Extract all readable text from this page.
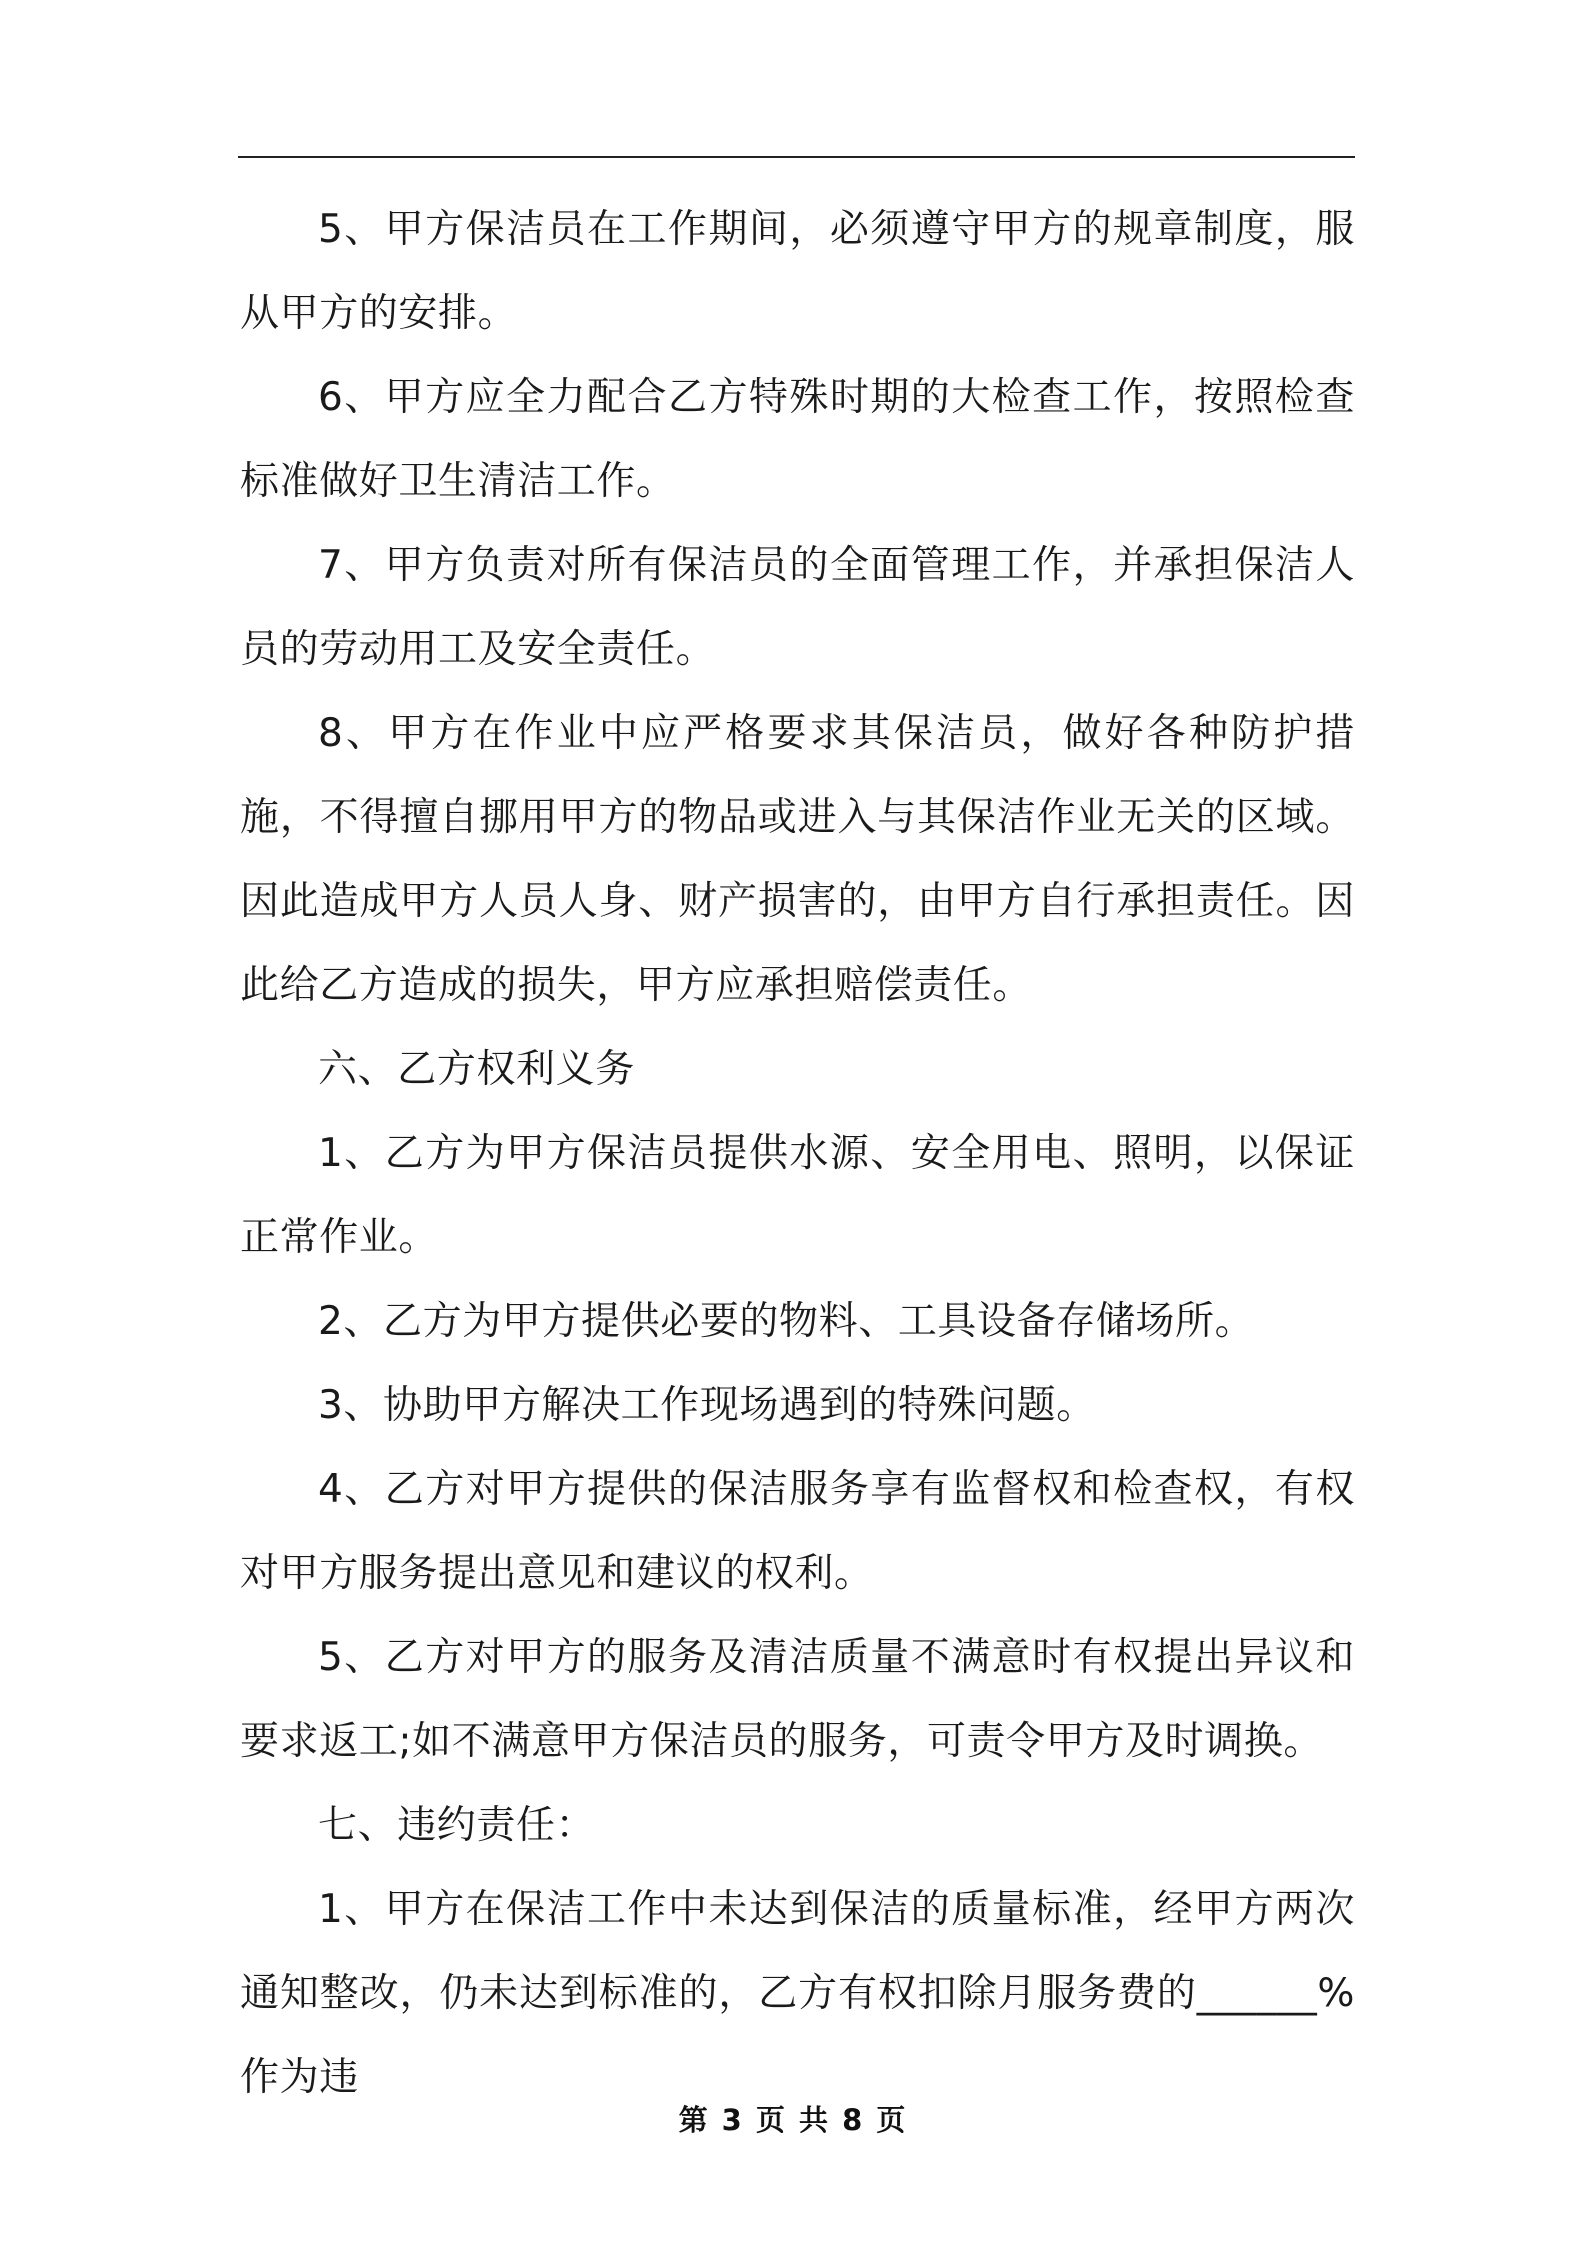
5、甲方保洁员在工作期间，必须遵守甲方的规章制度，服从甲方的安排。

6、甲方应全力配合乙方特殊时期的大检查工作，按照检查标准做好卫生清洁工作。

7、甲方负责对所有保洁员的全面管理工作，并承担保洁人员的劳动用工及安全责任。

8、甲方在作业中应严格要求其保洁员，做好各种防护措施，不得擅自挪用甲方的物品或进入与其保洁作业无关的区域。因此造成甲方人员人身、财产损害的，由甲方自行承担责任。因此给乙方造成的损失，甲方应承担赔偿责任。

六、乙方权利义务

1、乙方为甲方保洁员提供水源、安全用电、照明，以保证正常作业。

2、乙方为甲方提供必要的物料、工具设备存储场所。

3、协助甲方解决工作现场遇到的特殊问题。

4、乙方对甲方提供的保洁服务享有监督权和检查权，有权对甲方服务提出意见和建议的权利。

5、乙方对甲方的服务及清洁质量不满意时有权提出异议和要求返工;如不满意甲方保洁员的服务，可责令甲方及时调换。

七、违约责任：

1、甲方在保洁工作中未达到保洁的质量标准，经甲方两次通知整改，仍未达到标准的，乙方有权扣除月服务费的______%作为违

第 3 页 共 8 页
